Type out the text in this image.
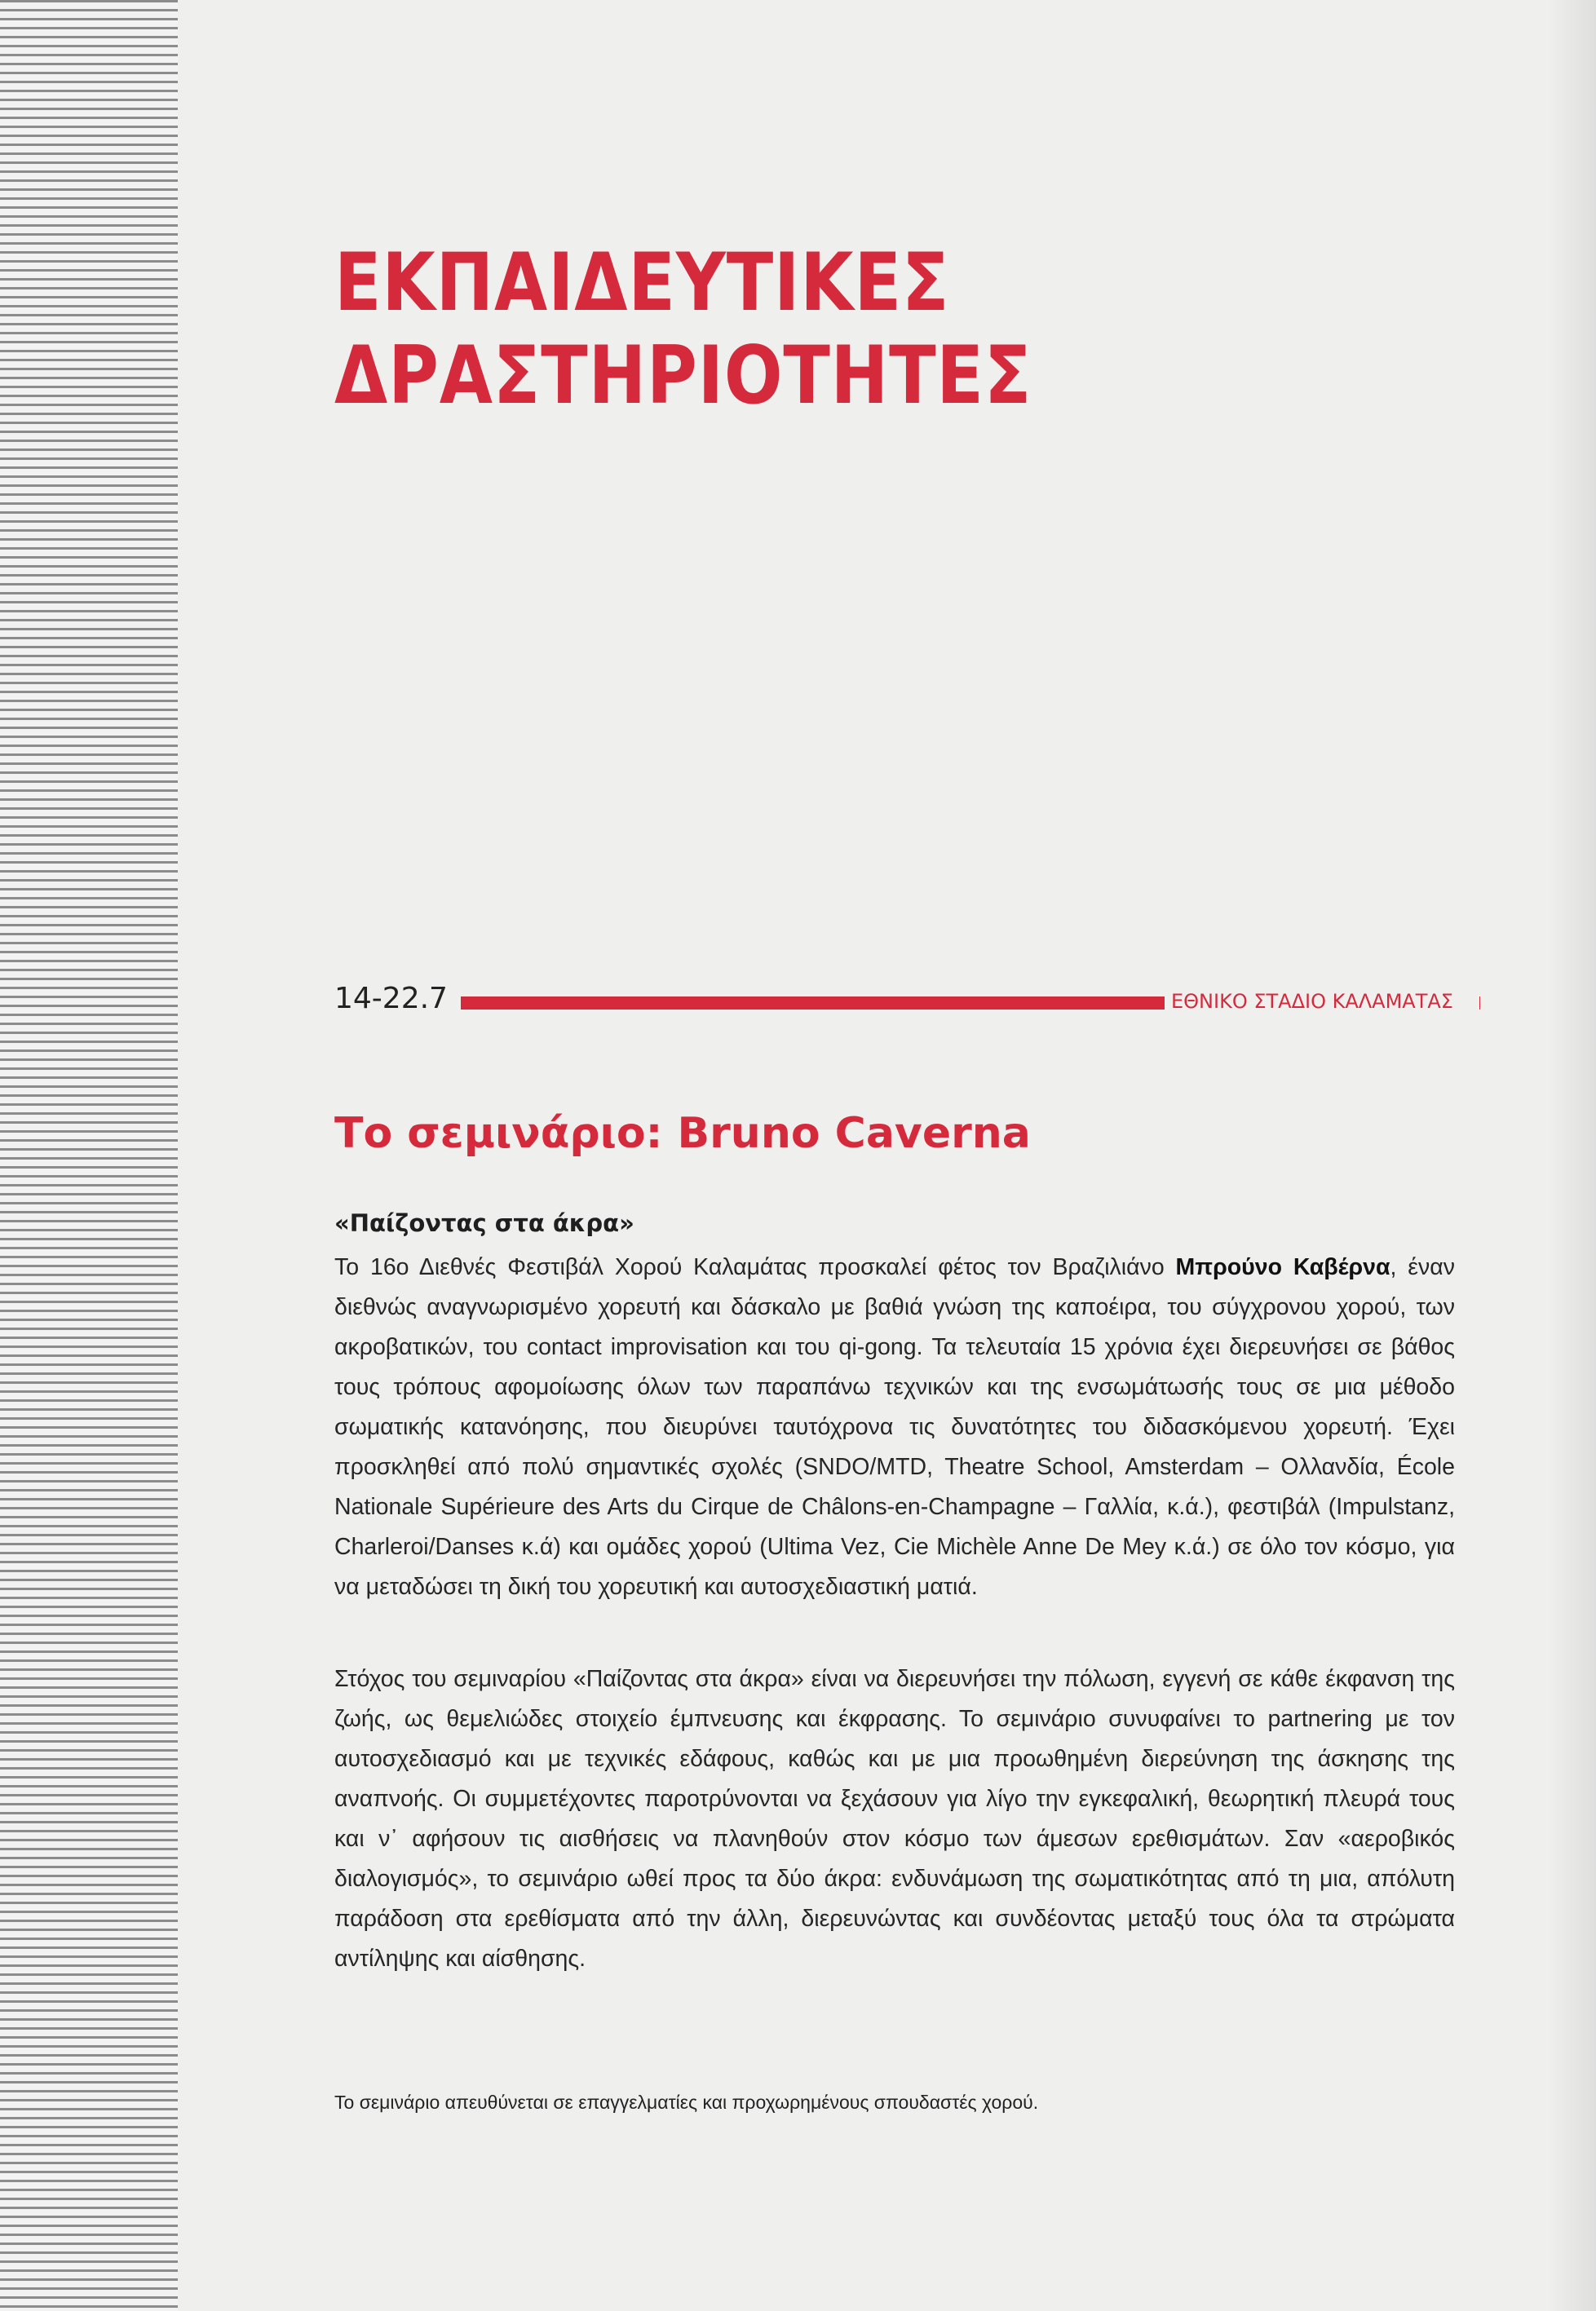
ΕΚΠΑΙΔΕΥΤΙΚΕΣ
ΔΡΑΣΤΗΡΙΟΤΗΤΕΣ
14-22.7	ΕΘΝΙΚΟ ΣΤΑΔΙΟ ΚΑΛΑΜΑΤΑΣ
Το σεμινάριο: Bruno Caverna
«Παίζοντας στα άκρα»

Το 16ο Διεθνές Φεστιβάλ Χορού Καλαμάτας προσκαλεί φέτος τον Βραζιλιάνο Μπρούνο Καβέρνα, έναν διεθνώς αναγνωρισμένο χορευτή και δάσκαλο με βαθιά γνώση της καποέιρα, του σύγχρονου χορού, των ακροβατικών, του contact improvisation και του qi-gong. Τα τελευταία 15 χρόνια έχει διερευνήσει σε βάθος τους τρόπους αφομοίωσης όλων των παραπάνω τεχνικών και της ενσωμάτωσής τους σε μια μέθοδο σωματικής κατανόησης, που διευρύνει ταυτόχρονα τις δυνατότητες του διδασκόμενου χορευτή. Έχει προσκληθεί από πολύ σημαντικές σχολές (SNDO/MTD, Theatre School, Amsterdam – Ολλανδία, École Nationale Supérieure des Arts du Cirque de Châlons-en-Champagne – Γαλλία, κ.ά.), φεστιβάλ (Impulstanz, Charleroi/Danses κ.ά) και ομάδες χορού (Ultima Vez, Cie Michèle Anne De Mey κ.ά.) σε όλο τον κόσμο, για να μεταδώσει τη δική του χορευτική και αυτοσχεδιαστική ματιά.

Στόχος του σεμιναρίου «Παίζοντας στα άκρα» είναι να διερευνήσει την πόλωση, εγγενή σε κάθε έκφανση της ζωής, ως θεμελιώδες στοιχείο έμπνευσης και έκφρασης. Το σεμινάριο συνυφαίνει το partnering με τον αυτοσχεδιασμό και με τεχνικές εδάφους, καθώς και με μια προωθημένη διερεύνηση της άσκησης της αναπνοής. Οι συμμετέχοντες παροτρύνονται να ξεχάσουν για λίγο την εγκεφαλική, θεωρητική πλευρά τους και ν᾽ αφήσουν τις αισθήσεις να πλανηθούν στον κόσμο των άμεσων ερεθισμάτων. Σαν «αεροβικός διαλογισμός», το σεμινάριο ωθεί προς τα δύο άκρα: ενδυνάμωση της σωματικότητας από τη μια, απόλυτη παράδοση στα ερεθίσματα από την άλλη, διερευνώντας και συνδέοντας μεταξύ τους όλα τα στρώματα αντίληψης και αίσθησης.

Το σεμινάριο απευθύνεται σε επαγγελματίες και προχωρημένους σπουδαστές χορού.
